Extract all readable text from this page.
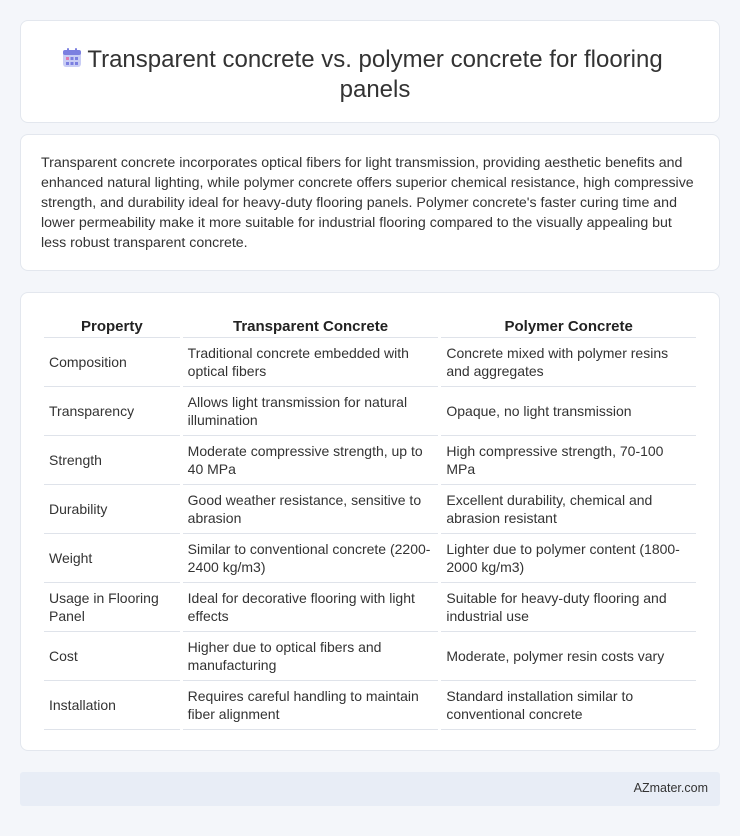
Transparent concrete vs. polymer concrete for flooring panels

Transparent concrete incorporates optical fibers for light transmission, providing aesthetic benefits and enhanced natural lighting, while polymer concrete offers superior chemical resistance, high compressive strength, and durability ideal for heavy-duty flooring panels. Polymer concrete's faster curing time and lower permeability make it more suitable for industrial flooring compared to the visually appealing but less robust transparent concrete.

Property	Transparent Concrete	Polymer Concrete
Composition	Traditional concrete embedded with optical fibers	Concrete mixed with polymer resins and aggregates
Transparency	Allows light transmission for natural illumination	Opaque, no light transmission
Strength	Moderate compressive strength, up to 40 MPa	High compressive strength, 70-100 MPa
Durability	Good weather resistance, sensitive to abrasion	Excellent durability, chemical and abrasion resistant
Weight	Similar to conventional concrete (2200-2400 kg/m3)	Lighter due to polymer content (1800-2000 kg/m3)
Usage in Flooring Panel	Ideal for decorative flooring with light effects	Suitable for heavy-duty flooring and industrial use
Cost	Higher due to optical fibers and manufacturing	Moderate, polymer resin costs vary
Installation	Requires careful handling to maintain fiber alignment	Standard installation similar to conventional concrete
AZmater.com
